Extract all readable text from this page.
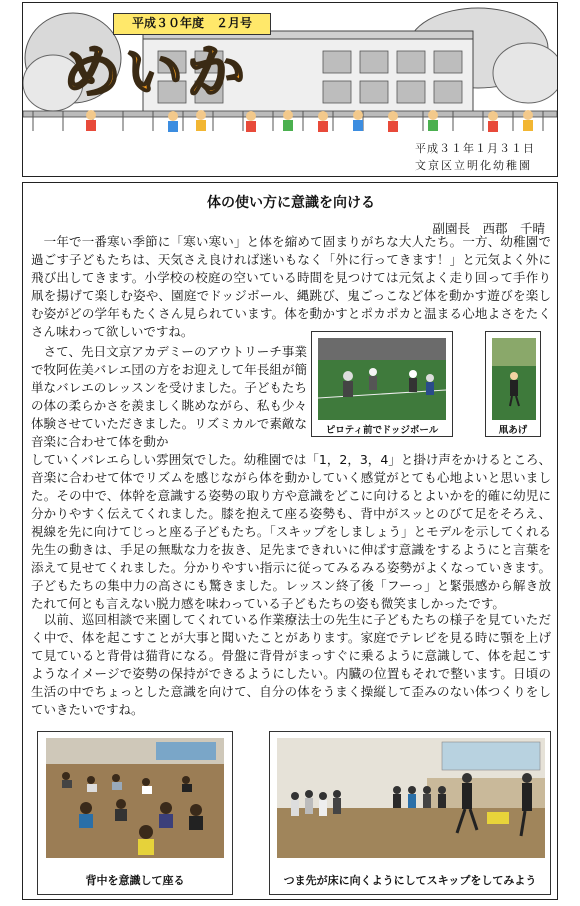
平成３０年度　２月号
めいか
平成３１年１月３１日
文京区立明化幼稚園
体の使い方に意識を向ける
副園長　西郡　千晴

　一年で一番寒い季節に「寒い寒い」と体を縮めて固まりがちな大人たち。一方、幼稚園で過ごす子どもたちは、天気さえ良ければ迷いもなく「外に行ってきます！」と元気よく外に飛び出してきます。小学校の校庭の空いている時間を見つけては元気よく走り回って手作り凧を揚げて楽しむ姿や、園庭でドッジボール、縄跳び、鬼ごっこなど体を動かす遊びを楽しむ姿がどの学年もたくさん見られています。体を動かすとポカポカと温まる心地よさをたくさん味わって欲しいですね。

　さて、先日文京アカデミーのアウトリーチ事業で牧阿佐美バレエ団の方をお迎えして年長組が簡単なバレエのレッスンを受けました。子どもたちの体の柔らかさを羨ましく眺めながら、私も少々体験させていただきました。リズミカルで素敵な音楽に合わせて体を動か

ピロティ前でドッジボール	凧あげ

していくバレエらしい雰囲気でした。幼稚園では「1，2，3，4」と掛け声をかけるところ、音楽に合わせて体でリズムを感じながら体を動かしていく感覚がとても心地よいと思いました。その中で、体幹を意識する姿勢の取り方や意識をどこに向けるとよいかを的確に幼児に分かりやすく伝えてくれました。膝を抱えて座る姿勢も、背中がスッとのびて足をそろえ、視線を先に向けてじっと座る子どもたち。「スキップをしましょう」とモデルを示してくれる先生の動きは、手足の無駄な力を抜き、足先まできれいに伸ばす意識をするようにと言葉を添えて見せてくれました。分かりやすい指示に従ってみるみる姿勢がよくなっていきます。子どもたちの集中力の高さにも驚きました。レッスン終了後「フーっ」と緊張感から解き放たれて何とも言えない脱力感を味わっている子どもたちの姿も微笑ましかったです。

　以前、巡回相談で来園してくれている作業療法士の先生に子どもたちの様子を見ていただく中で、体を起こすことが大事と聞いたことがあります。家庭でテレビを見る時に顎を上げて見ていると背骨は猫背になる。骨盤に背骨がまっすぐに乗るように意識して、体を起こすようなイメージで姿勢の保持ができるようにしたい。内臓の位置もそれで整います。日頃の生活の中でちょっとした意識を向けて、自分の体をうまく操縦して歪みのない体つくりをしていきたいですね。

背中を意識して座る	つま先が床に向くようにしてスキップをしてみよう
